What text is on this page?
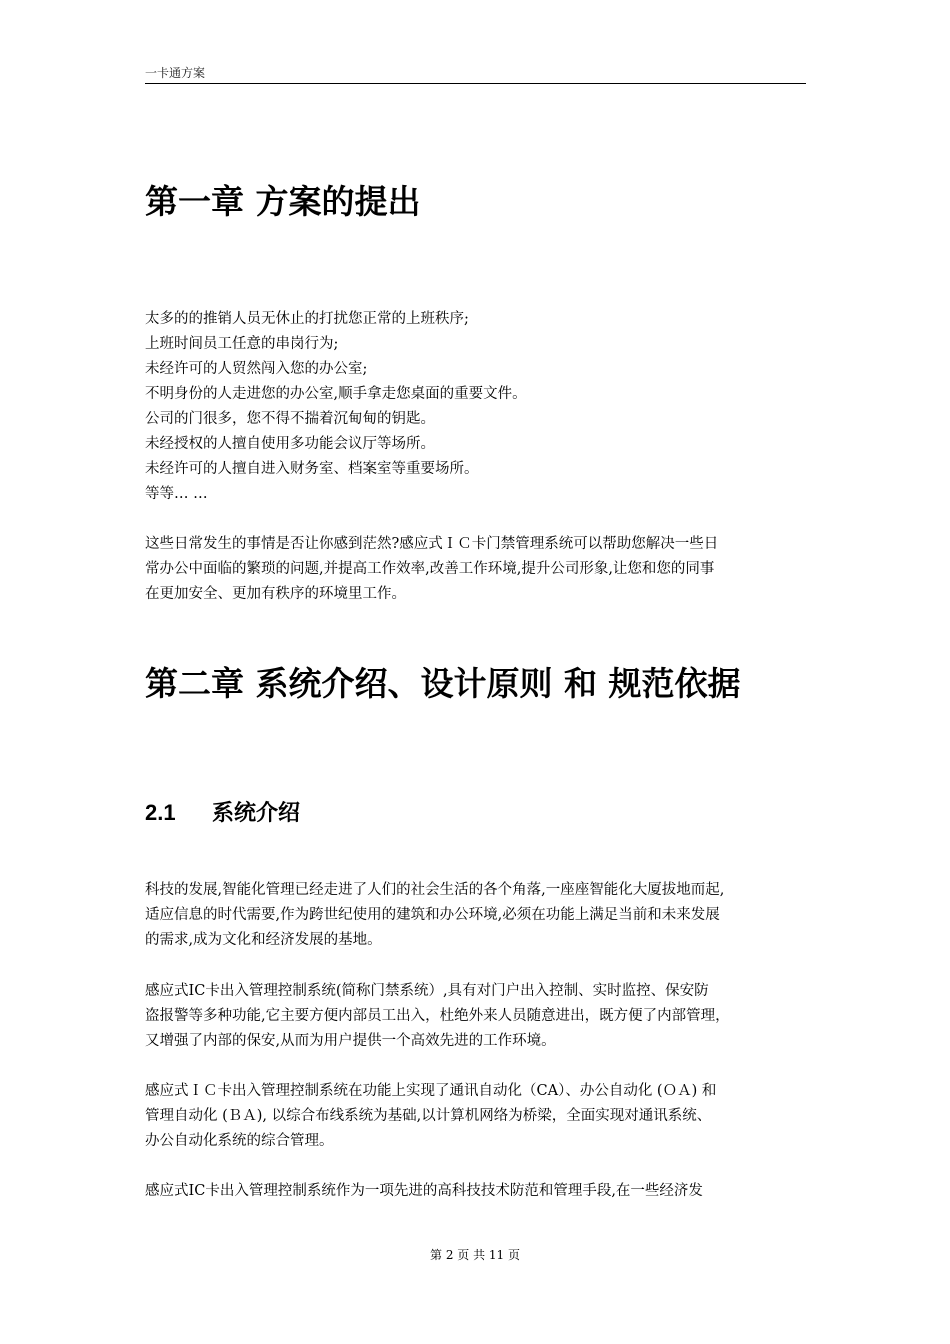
一卡通方案
第一章 方案的提出
太多的的推销人员无休止的打扰您正常的上班秩序;
上班时间员工任意的串岗行为;
未经许可的人贸然闯入您的办公室;
不明身份的人走进您的办公室,顺手拿走您桌面的重要文件。
公司的门很多，您不得不揣着沉甸甸的钥匙。
未经授权的人擅自使用多功能会议厅等场所。
未经许可的人擅自进入财务室、档案室等重要场所。
等等… …

这些日常发生的事情是否让你感到茫然?感应式ＩＣ卡门禁管理系统可以帮助您解决一些日

常办公中面临的繁琐的问题,并提高工作效率,改善工作环境,提升公司形象,让您和您的同事

在更加安全、更加有秩序的环境里工作。

第二章 系统介绍、设计原则 和 规范依据
2.1 系统介绍

科技的发展,智能化管理已经走进了人们的社会生活的各个角落,一座座智能化大厦拔地而起,

适应信息的时代需要,作为跨世纪使用的建筑和办公环境,必须在功能上满足当前和未来发展

的需求,成为文化和经济发展的基地。

感应式IC卡出入管理控制系统(简称门禁系统）,具有对门户出入控制、实时监控、保安防

盗报警等多种功能,它主要方便内部员工出入，杜绝外来人员随意进出，既方便了内部管理，

又增强了内部的保安,从而为用户提供一个高效先进的工作环境。

感应式ＩＣ卡出入管理控制系统在功能上实现了通讯自动化（CA）、办公自动化 (ＯＡ) 和

管理自动化 (ＢＡ), 以综合布线系统为基础,以计算机网络为桥梁，全面实现对通讯系统、

办公自动化系统的综合管理。

感应式IC卡出入管理控制系统作为一项先进的高科技技术防范和管理手段,在一些经济发

第 2 页 共 11 页
